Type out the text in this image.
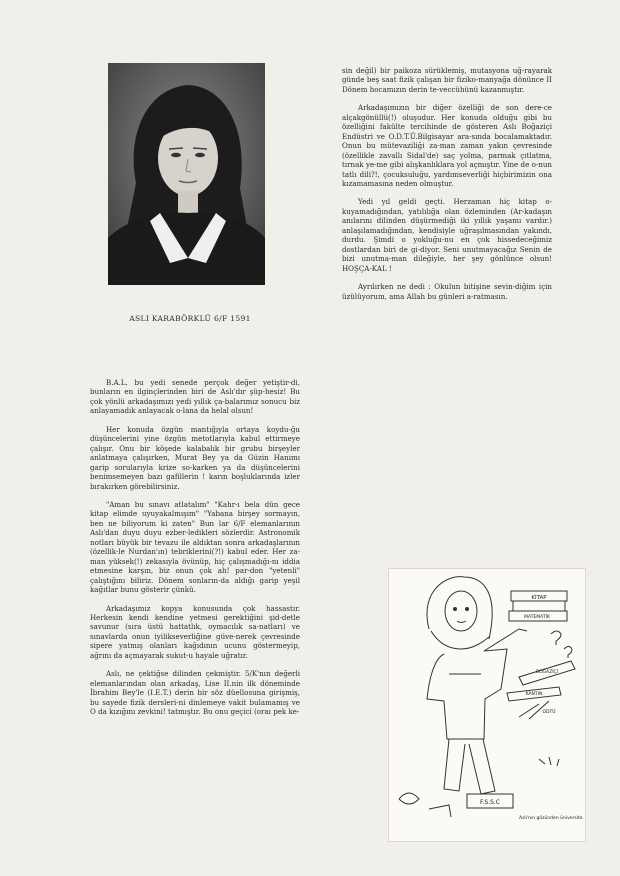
ASLI KARABÖRKLÜ 6/F 1591

B.A.L. bu yedi senede perçok değer yetiştir-di, bunların en ilginçlerinden biri de Aslı'dır şüp-hesiz! Bu çok yönlü arkadaşımızı yedi yıllık ça-balarımız sonucu biz anlayamadık anlayacak o-lana da helal olsun!

Her konuda özgün mantığıyla ortaya koydu-ğu düşüncelerini yine özgün metotlarıyla kabul ettirmeye çalışır. Onu bir köşede kalabalık bir grubu birşeyler anlatmaya çalışırken, Murat Bey ya da Güzin Hanımı garip sorularıyla krize so-karken ya da düşüncelerini benimsemeyen bazı gafillerin ! karın boşluklarında izler bırakırken görebilirsiniz.

"Aman bu sınavı atlatalım" "Kahr-ı bela dün gece kitap elimde uyuyakalmışım" "Yabana birşey sormayın, ben ne biliyorum ki zaten" Bun lar 6/F elemanlarının Aslı'dan duyu duyu ezber-ledikleri sözlerdir. Astronomik notları büyük bir tevazu ile aldıktan sonra arkadaşlarının (özellik-le Nurdan'ın) tebriklerini(?!) kabul eder. Her za-man yüksek(!) zekasıyla övünüp, hiç çalışmadığı-nı iddia etmesine karşın, biz onun çok ah! par-don "yetenli" çalıştığını biliriz. Dönem sonların-da aldığı garip yeşil kağıtlar bunu gösterir çünkü.

Arkadaşımız kopya konusunda çok hassastır. Herkesin kendi kendine yetmesi gerektiğini şid-detle savunur (sıra üstü hattatlık, oymacılık sa-natları) ve sınavlarda onun iyilikseverliğine güve-nerek çevresinde sipere yatmış olanları kağıdının ucunu göstermeyip, ağrını da açmayarak sukut-u hayale uğratır.

Aslı, ne çektiğse dilinden çekmiştir. 5/K'nın değerli elemanlarından olan arkadaş, Lise II.nin ilk döneminde İbrahim Bey'le (I.E.T.) derin bir söz düellosuna girişmiş, bu sayede fizik dersleri-ni dinlemeye vakit bulamamış ve O da kızığını zevkini! tatmıştır. Bu onu geçici (oraı pek ke-

sin değil) bir paikoza sürüklemiş, mutasyona uğ-rayarak günde beş saat fizik çalışan bir fiziko-manyağa dönünce II Dönem hocamızın derin te-veccühünü kazanmıştır.

Arkadaşımızın bir diğer özelliği de son dere-ce alçakgönüllü(!) oluşudur. Her konuda olduğu gibi bu özelliğini fakülte tercihinde de gösteren Aslı Boğaziçi Endüstri ve O.D.T.Ü.Bilgisayar ara-sında bocalamaktadır. Onun bu mütevaziliği za-man zaman yakın çevresinde (özellikle zavallı Sidal'de) saç yolma, parmak çıtlatma, tırnak ye-me gibi alışkanlıklara yol açmıştır. Yine de o-nun tatlı dili?!, çocuksuluğu, yardımseverliği hiçbirimizin ona kızamamasına neden olmuştur.

Yedi yıl geldi geçti. Herzaman hiç kitap o-kuyamadığından, yatılılığa olan özleminden (Ar-kadaşın anılarını dilinden düşürmediği iki yıllık yaşamı vardır.) anlaşılamadığından, kendisiyle uğraşılmasından yakındı, durdu. Şimdi o yokluğu-nu en çok hissedeceğimiz dostlardan biri de gi-diyor. Seni unutmayacağız Senin de bizi unutma-man dileğiyle, her şey gönlünce olsun! HOŞÇA-KAL !

Ayrılırken ne dedi : Okulun bitişine sevin-diğim için üzülüyorum, ama Allah bu günleri a-ratmasın.

KİTAP
MATEMATİK
BOĞAZİÇİ
KANTIN
ODTÜ
F.S.S.C
Aslı'nın gözünden üniversite
